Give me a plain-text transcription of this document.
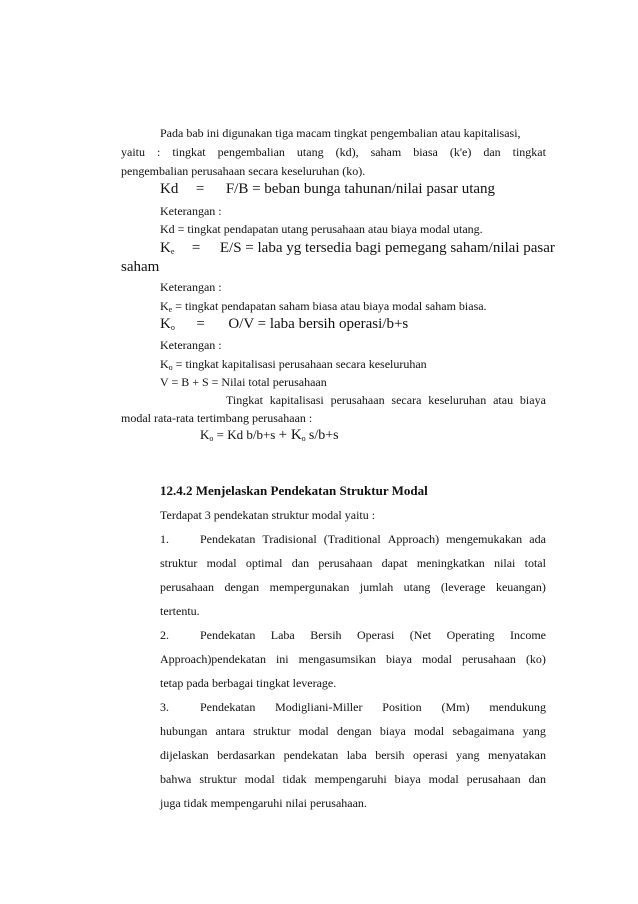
Pada bab ini digunakan tiga macam tingkat pengembalian atau kapitalisasi,
yaitu : tingkat pengembalian utang (kd), saham biasa (k'e) dan tingkat
pengembalian perusahaan secara keseluruhan (ko).
Kd = F/B = beban bunga tahunan/nilai pasar utang
Keterangan :
Kd = tingkat pendapatan utang perusahaan atau biaya modal utang.
$K_e = E/S$ = laba yg tersedia bagi pemegang saham/nilai pasar
saham
Keterangan :
$K_e$ = tingkat pendapatan saham biasa atau biaya modal saham biasa.
$K_o = O/V$ = laba bersih operasi/b+s
Keterangan :
$K_o$ = tingkat kapitalisasi perusahaan secara keseluruhan
V = B + S = Nilai total perusahaan
Tingkat kapitalisasi perusahaan secara keseluruhan atau biaya
modal rata-rata tertimbang perusahaan :
$K_o = Kd$ $b/b+s + K_o$ s/b+s
12.4.2 Menjelaskan Pendekatan Struktur Modal
Terdapat 3 pendekatan struktur modal yaitu :
1.	Pendekatan Tradisional (Traditional Approach) mengemukakan ada
struktur modal optimal dan perusahaan dapat meningkatkan nilai total
perusahaan dengan mempergunakan jumlah utang (leverage keuangan)
tertentu.
2.	Pendekatan Laba Bersih Operasi (Net Operating Income
Approach)pendekatan ini mengasumsikan biaya modal perusahaan (ko)
tetap pada berbagai tingkat leverage.
3.	Pendekatan Modigliani-Miller Position (Mm) mendukung
hubungan antara struktur modal dengan biaya modal sebagaimana yang
dijelaskan berdasarkan pendekatan laba bersih operasi yang menyatakan
bahwa struktur modal tidak mempengaruhi biaya modal perusahaan dan
juga tidak mempengaruhi nilai perusahaan.
